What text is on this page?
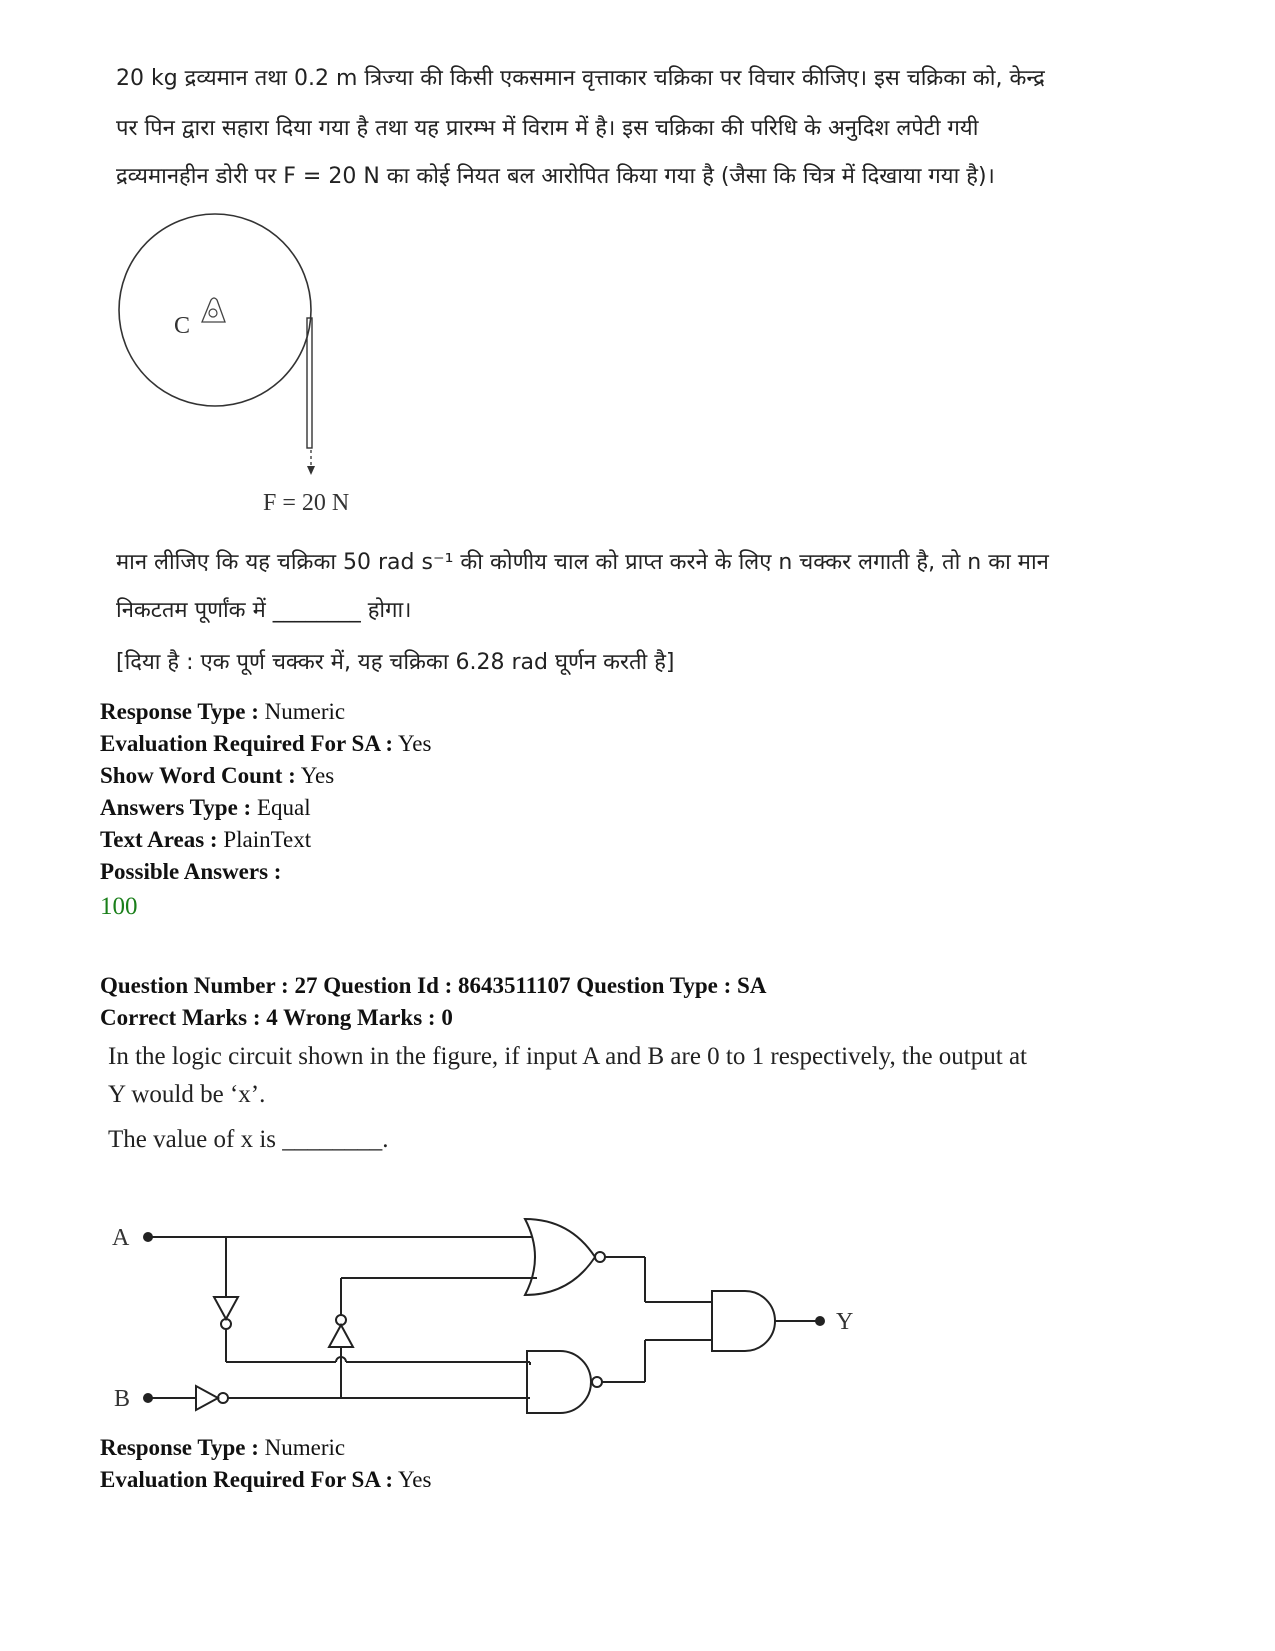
20 kg द्रव्यमान तथा 0.2 m त्रिज्या की किसी एकसमान वृत्ताकार चक्रिका पर विचार कीजिए। इस चक्रिका को, केन्द्र
पर पिन द्वारा सहारा दिया गया है तथा यह प्रारम्भ में विराम में है। इस चक्रिका की परिधि के अनुदिश लपेटी गयी
द्रव्यमानहीन डोरी पर F = 20 N का कोई नियत बल आरोपित किया गया है (जैसा कि चित्र में दिखाया गया है)।
C
F = 20 N
मान लीजिए कि यह चक्रिका 50 rad s⁻¹ की कोणीय चाल को प्राप्त करने के लिए n चक्कर लगाती है, तो n का मान
निकटतम पूर्णांक में ________ होगा।
[दिया है : एक पूर्ण चक्कर में, यह चक्रिका 6.28 rad घूर्णन करती है]
Response Type : Numeric
Evaluation Required For SA : Yes
Show Word Count : Yes
Answers Type : Equal
Text Areas : PlainText
Possible Answers :
100
Question Number : 27 Question Id : 8643511107 Question Type : SA
Correct Marks : 4 Wrong Marks : 0
In the logic circuit shown in the figure, if input A and B are 0 to 1 respectively, the output at
Y would be ‘x’.
The value of x is ________.
A
B
Y
Response Type : Numeric
Evaluation Required For SA : Yes
